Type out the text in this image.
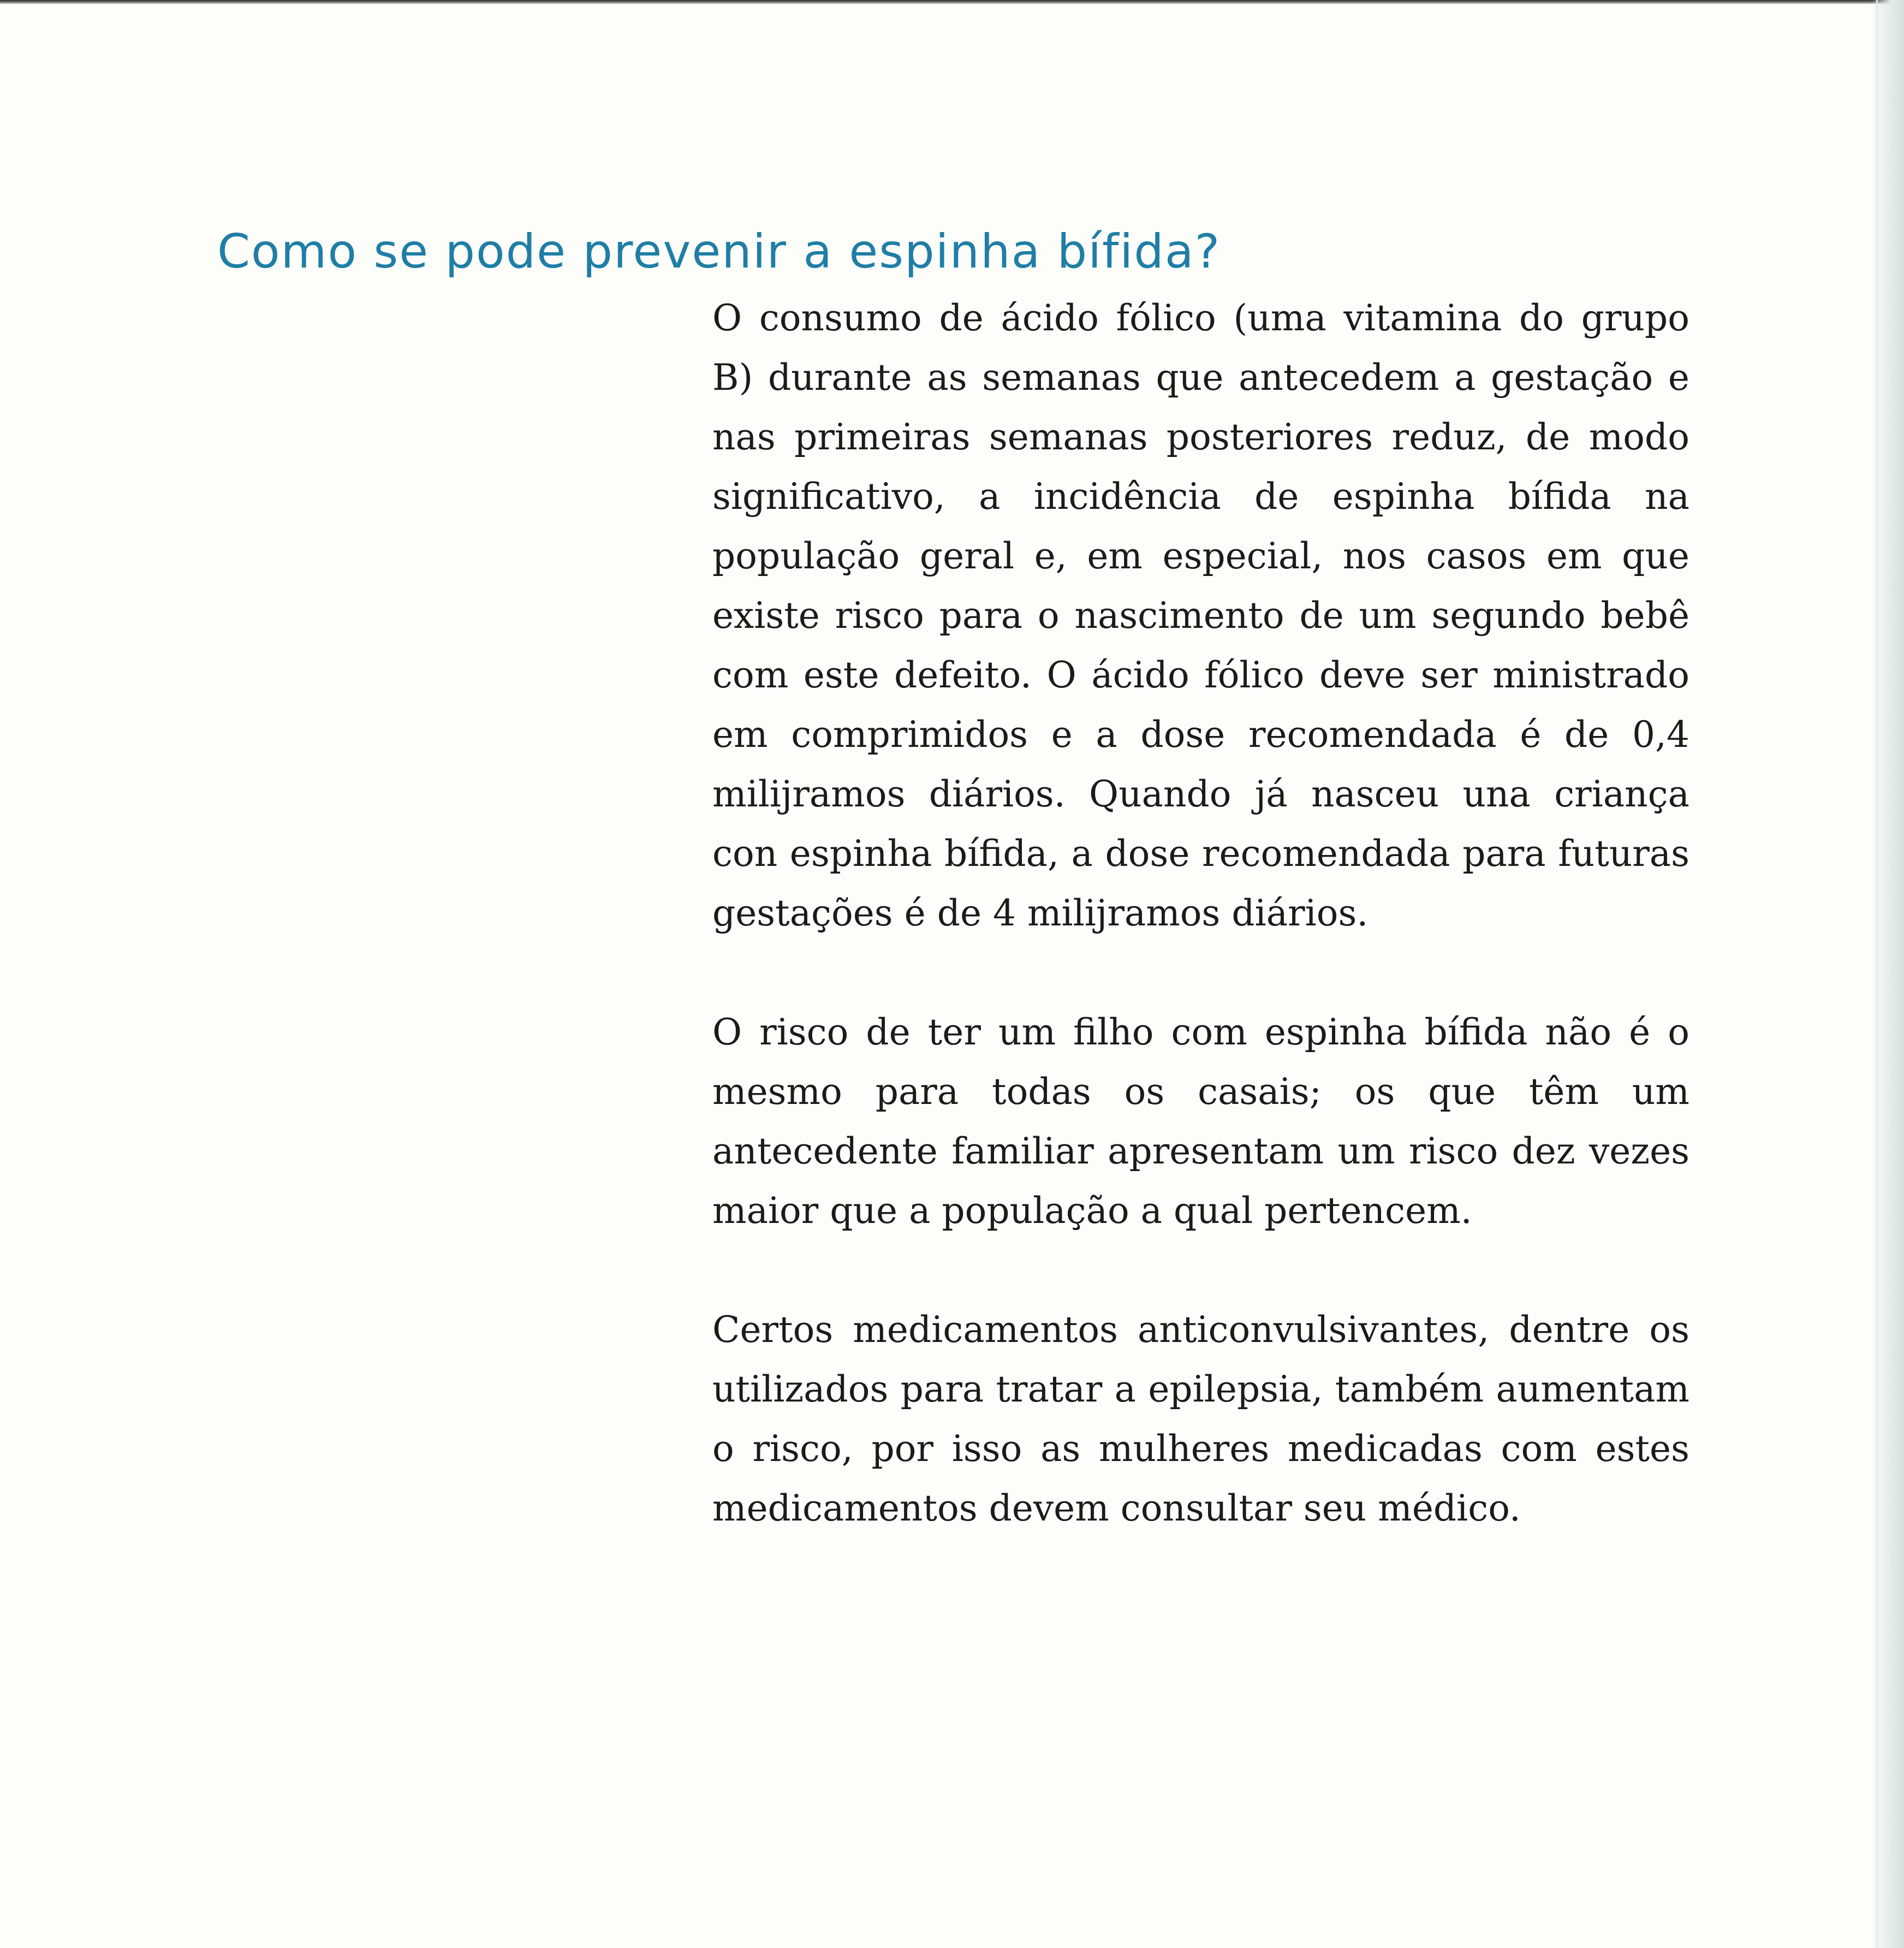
Como se pode prevenir a espinha bífida?

O consumo de ácido fólico (uma vitamina do grupo B) durante as semanas que antecedem a gestação e nas primeiras semanas posteriores reduz, de modo significativo, a incidência de espinha bífida na população geral e, em especial, nos casos em que existe risco para o nascimento de um segundo bebê com este defeito. O ácido fólico deve ser ministrado em comprimidos e a dose recomendada é de 0,4 milijramos diários. Quando já nasceu una criança con espinha bífida, a dose recomendada para futuras gestações é de 4 milijramos diários.

O risco de ter um filho com espinha bífida não é o mesmo para todas os casais; os que têm um antecedente familiar apresentam um risco dez vezes maior que a população a qual pertencem.

Certos medicamentos anticonvulsivantes, dentre os utilizados para tratar a epilepsia, também aumentam o risco, por isso as mulheres medicadas com estes medicamentos devem consultar seu médico.
